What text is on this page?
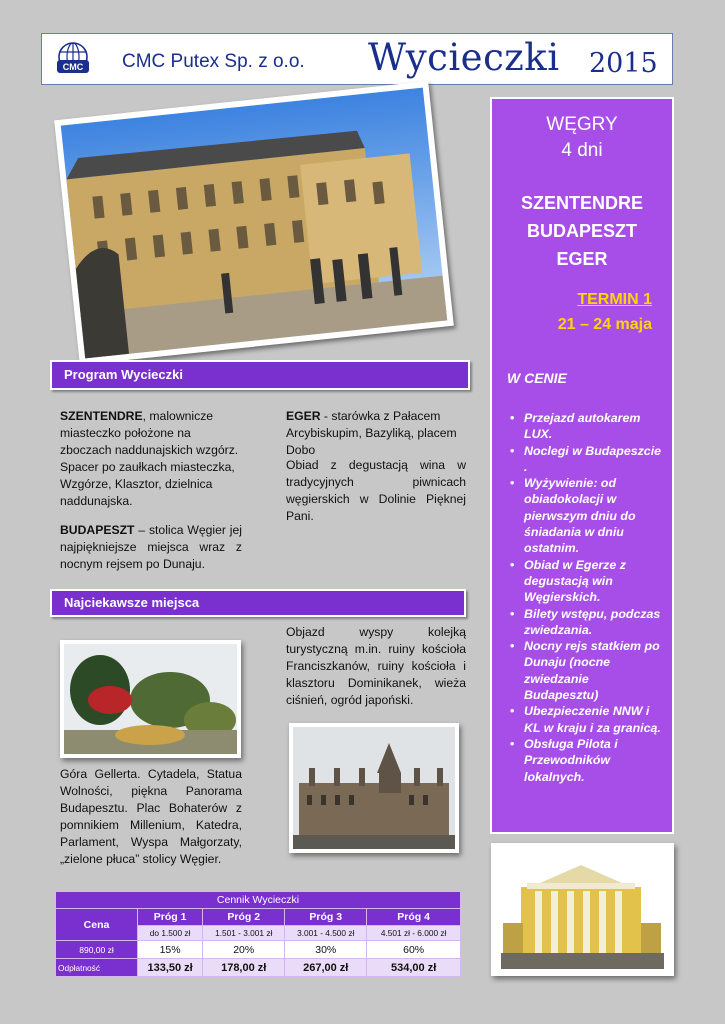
CMC CMC Putex Sp. z o.o. Wycieczki 2015
WĘGRY
4 dni
SZENTENDRE
BUDAPESZT
EGER
TERMIN 1
21 – 24 maja
W CENIE
• Przejazd autokarem LUX.
• Noclegi w Budapeszcie .
• Wyżywienie: od obiadokolacji w pierwszym dniu do śniadania w dniu ostatnim.
• Obiad w Egerze z degustacją win Węgierskich.
• Bilety wstępu, podczas zwiedzania.
• Nocny rejs statkiem po Dunaju (nocne zwiedzanie Budapesztu)
• Ubezpieczenie NNW i KL w kraju i za granicą.
• Obsługa Pilota i Przewodników lokalnych.
Program Wycieczki
SZENTENDRE, malownicze miasteczko położone na zboczach naddunajskich wzgórz. Spacer po zaułkach miasteczka, Wzgórze, Klasztor, dzielnica naddunajska.
BUDAPESZT – stolica Węgier jej najpiękniejsze miejsca wraz z nocnym rejsem po Dunaju.
EGER - starówka z Pałacem Arcybiskupim, Bazyliką, placem Dobo
Obiad z degustacją wina w tradycyjnych piwnicach węgierskich w Dolinie Pięknej Pani.
Najciekawsze miejsca
Objazd wyspy kolejką turystyczną m.in. ruiny kościoła Franciszkanów, ruiny kościoła i klasztoru Dominikanek, wieża ciśnień, ogród japoński.
Góra Gellerta. Cytadela, Statua Wolności, piękna Panorama Budapesztu. Plac Bohaterów z pomnikiem Millenium, Katedra, Parlament, Wyspa Małgorzaty, „zielone płuca” stolicy Węgier.
Cennik Wycieczki				
Cena	Próg 1	Próg 2	Próg 3	Próg 4
	do 1.500 zł	1.501 - 3.001 zł	3.001 - 4.500 zł	4.501 zł - 6.000 zł
890,00 zł	15%	20%	30%	60%
Odpłatność	133,50 zł	178,00 zł	267,00 zł	534,00 zł
